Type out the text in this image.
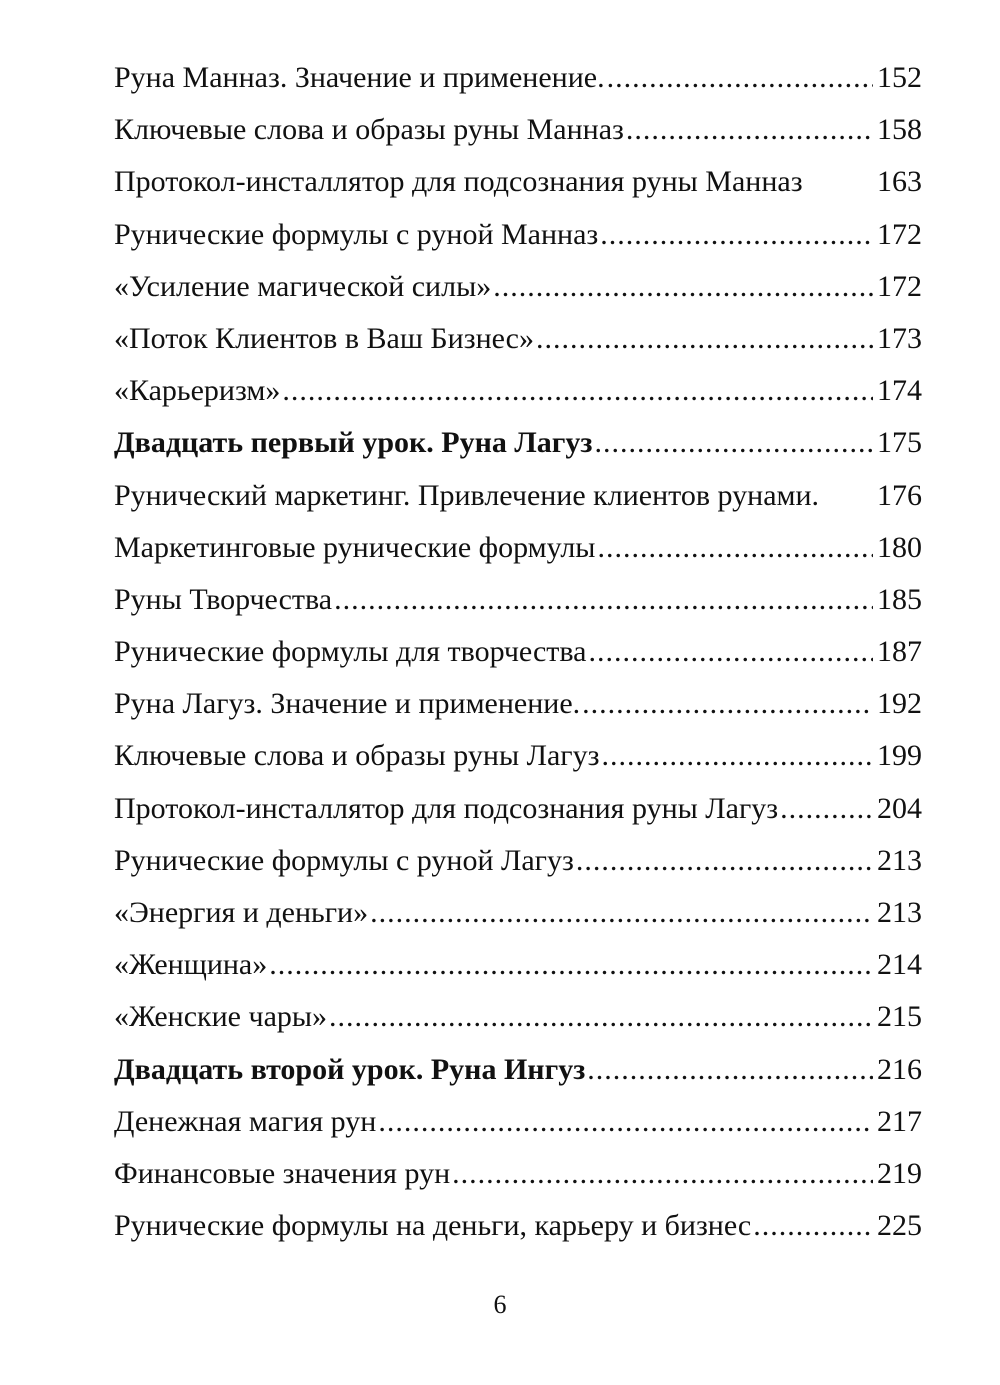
Руна Манназ. Значение и применение. .....	152
Ключевые слова и образы руны Манназ .....	158
Протокол-инсталлятор для подсознания руны Манназ 163
Рунические формулы с руной Манназ .....	172
«Усиление магической силы» .....	172
«Поток Клиентов в Ваш Бизнес» .....	173
«Карьеризм» .....	174
Двадцать первый урок. Руна Лагуз .....	175
Рунический маркетинг. Привлечение клиентов рунами. 176
Маркетинговые рунические формулы .....	180
Руны Творчества .....	185
Рунические формулы для творчества .....	187
Руна Лагуз. Значение и применение. .....	192
Ключевые слова и образы руны Лагуз .....	199
Протокол-инсталлятор для подсознания руны Лагуз .....	204
Рунические формулы с руной Лагуз .....	213
«Энергия и деньги» .....	213
«Женщина» .....	214
«Женские чары» .....	215
Двадцать второй урок. Руна Ингуз .....	216
Денежная магия рун .....	217
Финансовые значения рун .....	219
Рунические формулы на деньги, карьеру и бизнес .....	225
6
